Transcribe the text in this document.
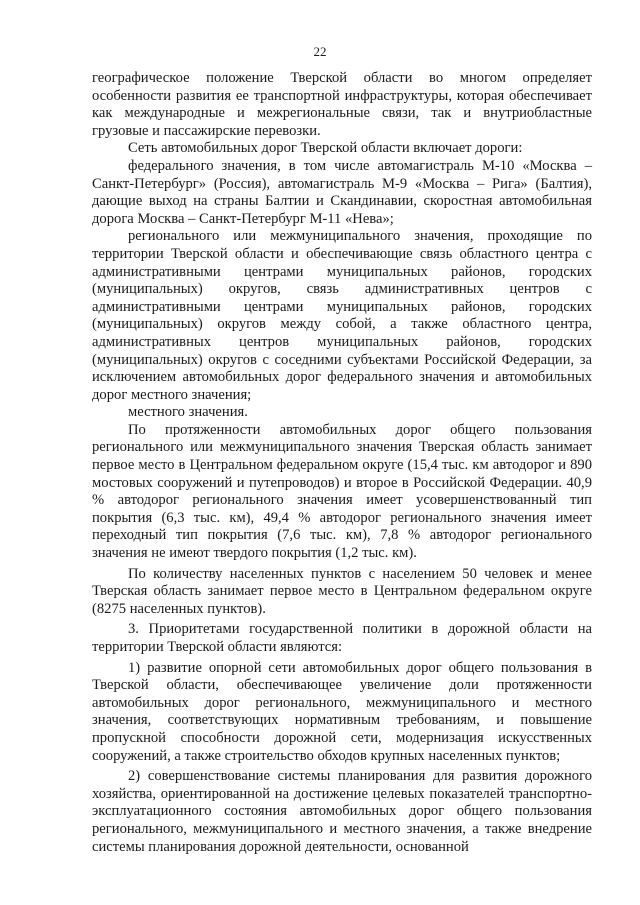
22

географическое положение Тверской области во многом определяет особенности развития ее транспортной инфраструктуры, которая обеспечивает как международные и межрегиональные связи, так и внутриобластные грузовые и пассажирские перевозки.

Сеть автомобильных дорог Тверской области включает дороги:

федерального значения, в том числе автомагистраль М-10 «Москва – Санкт-Петербург» (Россия), автомагистраль М-9 «Москва – Рига» (Балтия), дающие выход на страны Балтии и Скандинавии, скоростная автомобильная дорога Москва – Санкт-Петербург М-11 «Нева»;

регионального или межмуниципального значения, проходящие по территории Тверской области и обеспечивающие связь областного центра с административными центрами муниципальных районов, городских (муниципальных) округов, связь административных центров с административными центрами муниципальных районов, городских (муниципальных) округов между собой, а также областного центра, административных центров муниципальных районов, городских (муниципальных) округов с соседними субъектами Российской Федерации, за исключением автомобильных дорог федерального значения и автомобильных дорог местного значения;

местного значения.

По протяженности автомобильных дорог общего пользования регионального или межмуниципального значения Тверская область занимает первое место в Центральном федеральном округе (15,4 тыс. км автодорог и 890 мостовых сооружений и путепроводов) и второе в Российской Федерации. 40,9 % автодорог регионального значения имеет усовершенствованный тип покрытия (6,3 тыс. км), 49,4 % автодорог регионального значения имеет переходный тип покрытия (7,6 тыс. км), 7,8 % автодорог регионального значения не имеют твердого покрытия (1,2 тыс. км).

По количеству населенных пунктов с населением 50 человек и менее Тверская область занимает первое место в Центральном федеральном округе (8275 населенных пунктов).

3. Приоритетами государственной политики в дорожной области на территории Тверской области являются:

1) развитие опорной сети автомобильных дорог общего пользования в Тверской области, обеспечивающее увеличение доли протяженности автомобильных дорог регионального, межмуниципального и местного значения, соответствующих нормативным требованиям, и повышение пропускной способности дорожной сети, модернизация искусственных сооружений, а также строительство обходов крупных населенных пунктов;

2) совершенствование системы планирования для развития дорожного хозяйства, ориентированной на достижение целевых показателей транспортно-эксплуатационного состояния автомобильных дорог общего пользования регионального, межмуниципального и местного значения, а также внедрение системы планирования дорожной деятельности, основанной
